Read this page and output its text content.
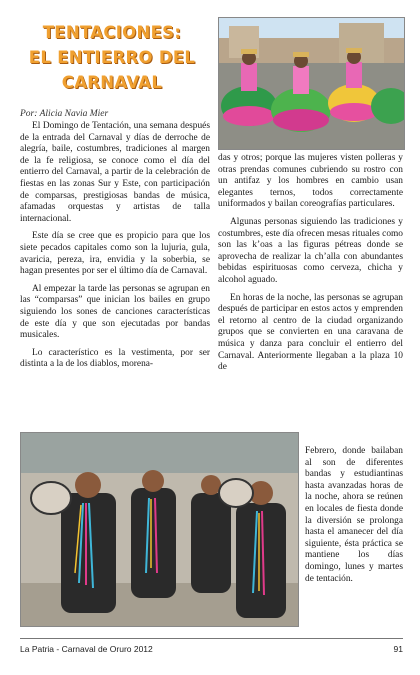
TENTACIONES:
EL ENTIERRO DEL
CARNAVAL
Por: Alicia Navia Mier

El Domingo de Tentación, una semana después de la entrada del Carnaval y días de derroche de alegría, baile, costumbres, tradiciones al margen de la fe religiosa, se conoce como el día del entierro del Carnaval, a partir de la celebración de fiestas en las zonas Sur y Este, con participación de comparsas, prestigiosas bandas de música, afamadas orquestas y artistas de talla internacional.

Este día se cree que es propicio para que los siete pecados capitales como son la lujuria, gula, avaricia, pereza, ira, envidia y la soberbia, se hagan presentes por ser el último día de Carnaval.

Al empezar la tarde las personas se agrupan en las “comparsas” que inician los bailes en grupo siguiendo los sones de canciones características de este día y que son ejecutadas por bandas musicales.

Lo característico es la vestimenta, por ser distinta a la de los diablos, morena-

das y otros; porque las mujeres visten polleras y otras prendas comunes cubriendo su rostro con un antifaz y los hombres en cambio usan elegantes ternos, todos correctamente uniformados y bailan coreografías particulares.

Algunas personas siguiendo las tradiciones y costumbres, este día ofrecen mesas rituales como son las k’oas a las figuras pétreas donde se aprovecha de realizar la ch’alla con abundantes bebidas espirituosas como cerveza, chicha y alcohol aguado.

En horas de la noche, las personas se agrupan después de participar en estos actos y emprenden el retorno al centro de la ciudad organizando grupos que se convierten en una caravana de música y danza para concluir el entierro del Carnaval. Anteriormente llegaban a la plaza 10 de

Febrero, donde bailaban al son de diferentes bandas y estudiantinas hasta avanzadas horas de la noche, ahora se reúnen en locales de fiesta donde la diversión se prolonga hasta el amanecer del día siguiente, ésta práctica se mantiene los días domingo, lunes y martes de tentación.
La Patria - Carnaval de Oruro 2012	91
